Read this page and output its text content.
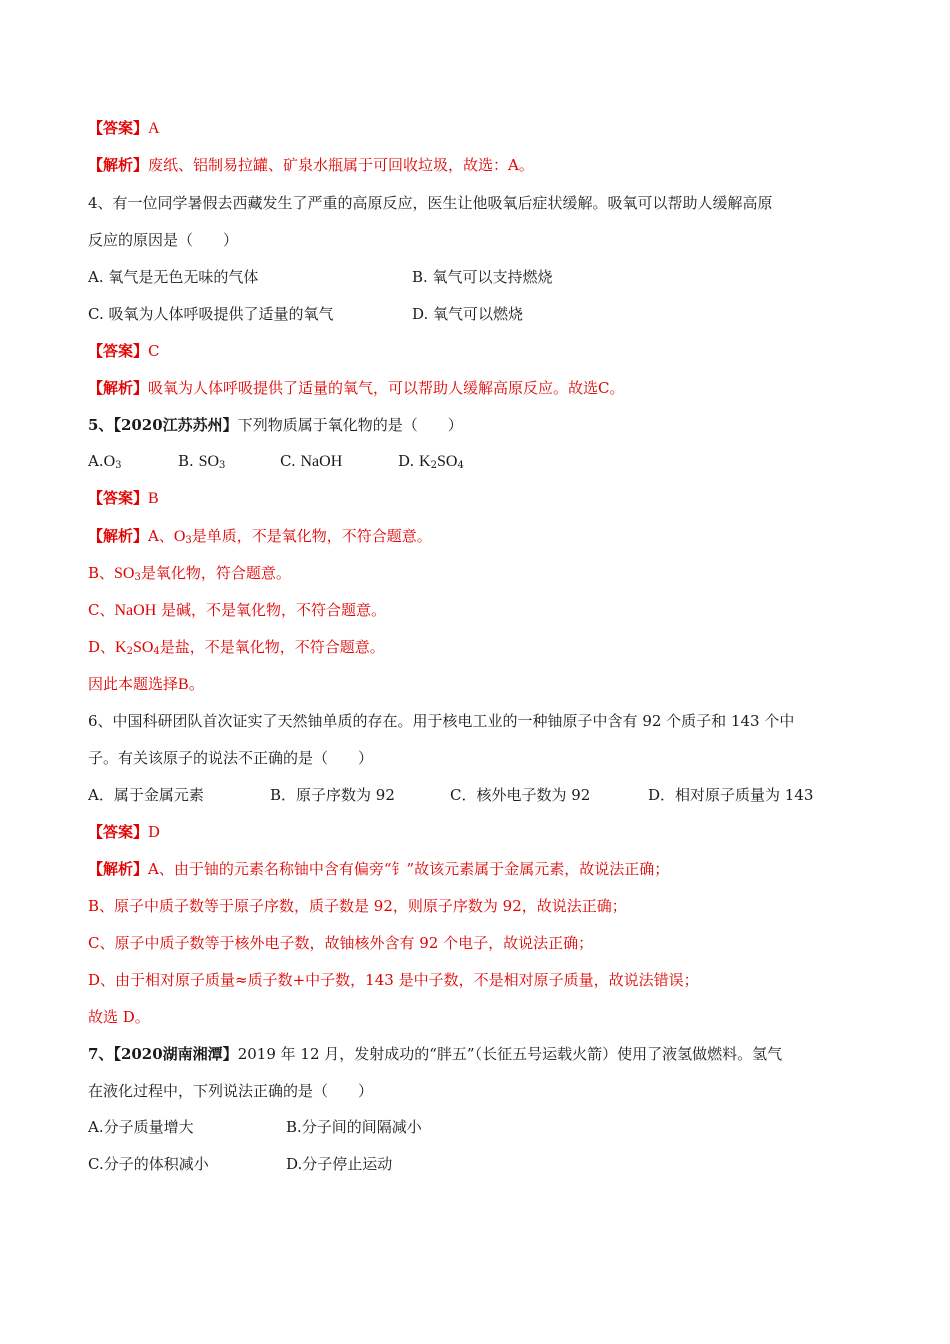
【答案】A
【解析】废纸、铝制易拉罐、矿泉水瓶属于可回收垃圾，故选：A。
4、有一位同学暑假去西藏发生了严重的高原反应，医生让他吸氧后症状缓解。吸氧可以帮助人缓解高原
反应的原因是（　　）
A. 氧气是无色无味的气体	B. 氧气可以支持燃烧
C. 吸氧为人体呼吸提供了适量的氧气	D. 氧气可以燃烧
【答案】C
【解析】吸氧为人体呼吸提供了适量的氧气，可以帮助人缓解高原反应。故选C。
5、【2020江苏苏州】下列物质属于氧化物的是（　　）
$A.O_3$	B. $SO_3$	C. NaOH	D. $K_2SO_4$
【答案】B
【解析】A、$O_3$是单质，不是氧化物，不符合题意。
B、$SO_3$是氧化物，符合题意。
C、NaOH 是碱，不是氧化物，不符合题意。
D、$K_2SO_4$是盐，不是氧化物，不符合题意。
因此本题选择B。
6、中国科研团队首次证实了天然铀单质的存在。用于核电工业的一种铀原子中含有 92 个质子和 143 个中
子。有关该原子的说法不正确的是（　　）
A．属于金属元素	B．原子序数为 92	C．核外电子数为 92	D．相对原子质量为 143
【答案】D
【解析】A、由于铀的元素名称铀中含有偏旁“钅”故该元素属于金属元素，故说法正确；
B、原子中质子数等于原子序数，质子数是 92，则原子序数为 92，故说法正确；
C、原子中质子数等于核外电子数，故铀核外含有 92 个电子，故说法正确；
D、由于相对原子质量≈质子数+中子数，143 是中子数，不是相对原子质量，故说法错误；
故选 D。
7、【2020湖南湘潭】2019 年 12 月，发射成功的“胖五”（长征五号运载火箭）使用了液氢做燃料。氢气
在液化过程中，下列说法正确的是（　　）
A.分子质量增大	B.分子间的间隔减小
C.分子的体积减小	D.分子停止运动
